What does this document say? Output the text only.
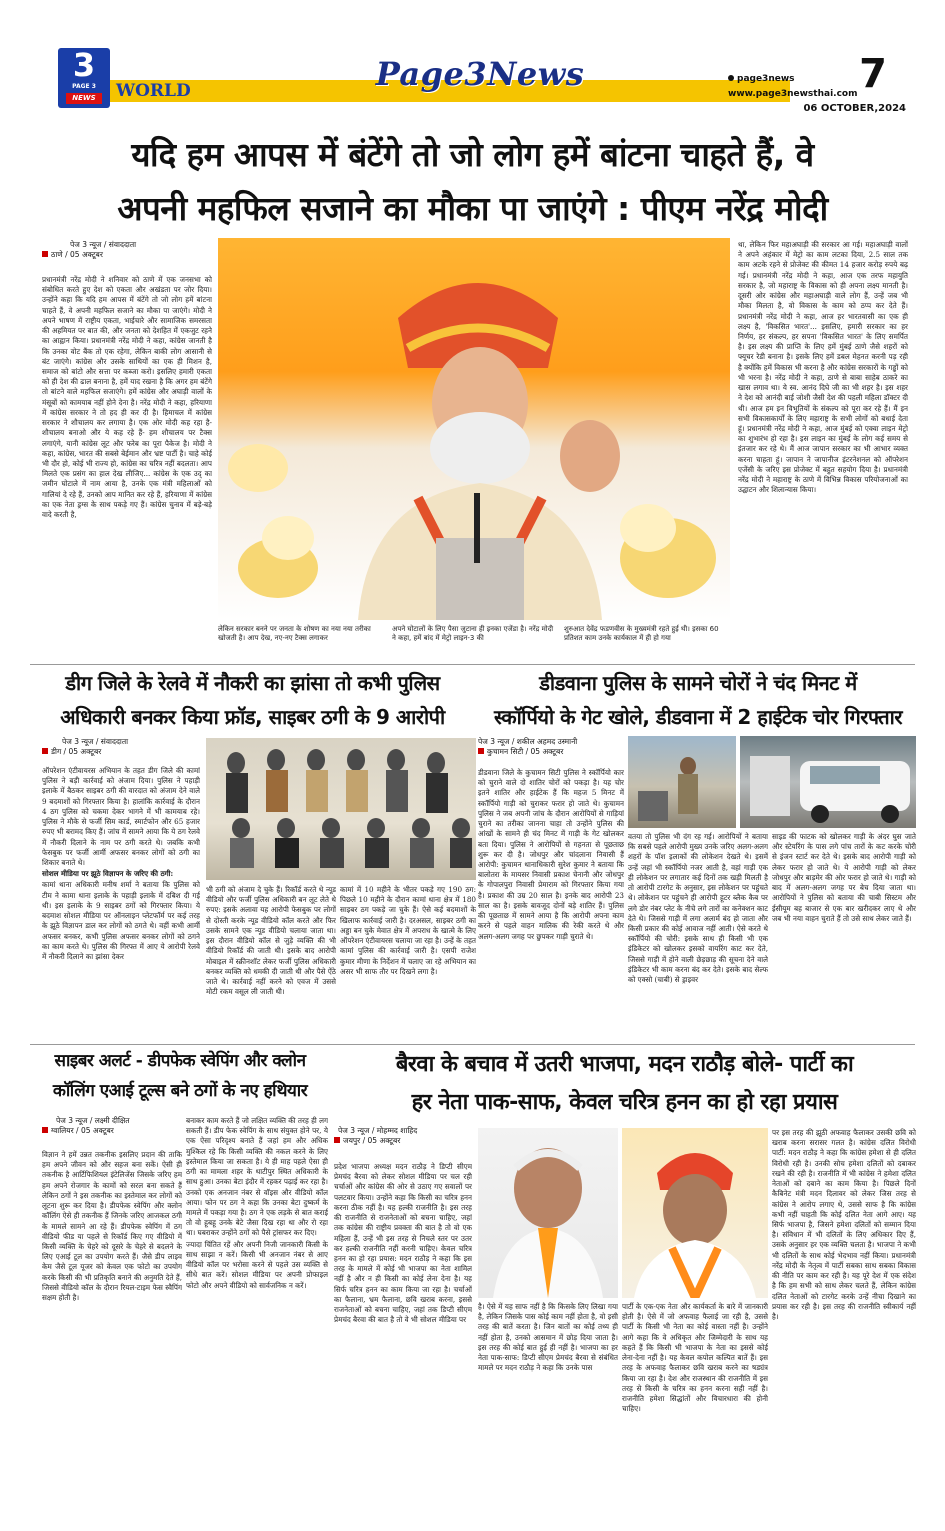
3
PAGE 3
NEWS	WORLD	Page3News	page3news
www.page3newsthai.com 7
06 OCTOBER,2024
यदि हम आपस में बंटेंगे तो जो लोग हमें बांटना चाहते हैं, वे
अपनी महफिल सजाने का मौका पा जाएंगे : पीएम नरेंद्र मोदी
पेज 3 न्यूज / संवाददाता
ठाणे / 05 अक्टूबर
प्रधानमंत्री नरेंद्र मोदी ने शनिवार को ठाणे में एक जनसभा को संबोधित करते हुए देश को एकता और अखंडता पर जोर दिया। उन्होंने कहा कि यदि हम आपस में बंटेंगे तो जो लोग हमें बांटना चाहते हैं, वे अपनी महफिल सजाने का मौका पा जाएंगे। मोदी ने अपने भाषण में राष्ट्रीय एकता, भाईचारे और सामाजिक समरसता की अहमियत पर बात की, और जनता को देशहित में एकजुट रहने का आह्वान किया। प्रधानमंत्री नरेंद्र मोदी ने कहा, कांग्रेस जानती है कि उनका वोट बैंक तो एक रहेगा, लेकिन बाकी लोग आसानी से बंट जाएंगे। कांग्रेस और उसके साथियों का एक ही मिशन है, समाज को बांटो और सत्ता पर कब्जा करो। इसलिए हमारी एकता को ही देश की ढाल बनाना है, हमें याद रखना है कि अगर हम बंटेंगे तो बांटने वाले महफिल सजाएंगे। हमें कांग्रेस और अघाड़ी वालों के मंसूबों को कामयाब नहीं होने देना है। नरेंद्र मोदी ने कहा, हरियाणा में कांग्रेस सरकार ने तो हद ही कर दी है। हिमाचल में कांग्रेस सरकार ने शौचालय कर लगाया है। एक ओर मोदी कह रहा है- शौचालय बनाओ और ये कह रहे हैं- हम शौचालय पर टैक्स लगाएंगे, यानी कांग्रेस लूट और फरेब का पूरा पैकेज है। मोदी ने कहा, कांग्रेस, भारत की सबसे बेईमान और भ्रष्ट पार्टी है। चाहे कोई भी दौर हो, कोई भी राज्य हो, कांग्रेस का चरित्र नहीं बदलता। आप मिलते एक प्रसंग का हाल देख लीजिए... कांग्रेस के एक उद्‌ का जमीन घोटाले में नाम आया है, उनके एक मंत्री महिलाओं को गालियां दे रहे हैं, उनको आप मानित कर रहे हैं, हरियाणा में कांग्रेस का एक नेता ड्रग्स के साथ पकड़े गए हैं। कांग्रेस चुनाव में बड़े-बड़े वादे करती है,
लेकिन सरकार बनने पर जनता के शोषण का नया नया तरीका खोजती है। आप देख, नए-नए टैक्स लगाकर
अपने घोटालों के लिए पैसा जुटाना ही इनका एजेंडा है। नरेंद्र मोदी ने कहा, हमें बांद में मेट्रो लाइन-3 की
शुरुआत देवेंद्र फडणवीस के मुख्यमंत्री रहते हुई थी। इसका 60 प्रतिशत काम उनके कार्यकाल में ही हो गया
था, लेकिन फिर महाअघाड़ी की सरकार आ गई। महाअघाड़ी वालों ने अपने अहंकार में मेट्रो का काम लटका दिया, 2.5 साल तक काम अटके रहने से प्रोजेक्ट की कीमत 14 हजार करोड़ रुपये बढ़ गई। प्रधानमंत्री नरेंद्र मोदी ने कहा, आज एक तरफ महायुति सरकार है, जो महाराष्ट्र के विकास को ही अपना लक्ष्य मानती है। दूसरी ओर कांग्रेस और महाअघाड़ी वाले लोग हैं, उन्हें जब भी मौका मिलता है, वो विकास के काम को ठप्प कर देते हैं। प्रधानमंत्री नरेंद्र मोदी ने कहा, आज हर भारतवासी का एक ही लक्ष्य है, 'विकसित भारत'... इसलिए, हमारी सरकार का हर निर्णय, हर संकल्प, हर सपना 'विकसित भारत' के लिए समर्पित है। इस लक्ष्य की प्राप्ति के लिए हमें मुंबई ठाणे जैसे शहरों को फ्यूचर रेडी बनाना है। इसके लिए हमें डबल मेहनत करनी पड़ रही है क्योंकि हमें विकास भी करना है और कांग्रेस सरकारों के गड्ढों को भी भरना है। नरेंद्र मोदी ने कहा, ठाणे से बाबा साहेब ठाकरे का खास लगाव था। ये स्व. आनंद दिघे जी का भी शहर है। इस शहर ने देश को आनंदी बाई जोशी जैसी देश की पहली महिला डॉक्टर दी थी। आज हम इन विभूतियों के संकल्प को पूरा कर रहे हैं। मैं इन सभी विकासकार्यों के लिए महाराष्ट्र के सभी लोगों को बधाई देता हूं। प्रधानमंत्री नरेंद्र मोदी ने कहा, आज मुंबई को एक्वा लाइन मेट्रो का शुभारंभ हो रहा है। इस लाइन का मुंबई के लोग कई समय से इंतजार कर रहे थे। मैं आज जापान सरकार का भी आभार व्यक्त करना चाहता हूं। जापान ने जापानीज इंटरनेशनल को ऑपरेशन एजेंसी के जरिए इस प्रोजेक्ट में बहुत सहयोग दिया है। प्रधानमंत्री नरेंद्र मोदी ने महाराष्ट्र के ठाणे में विभिन्न विकास परियोजनाओं का उद्घाटन और शिलान्यास किया।
डीग जिले के रेलवे में नौकरी का झांसा तो कभी पुलिस
अधिकारी बनकर किया फ्रॉड, साइबर ठगी के 9 आरोपी
पेज 3 न्यूज / संवाददाता
डीग / 05 अक्टूबर

ऑपरेशन एंटीवायरस अभियान के तहत डीग जिले की कामां पुलिस ने बड़ी कार्रवाई को अंजाम दिया। पुलिस ने पहाड़ी इलाके में बैठकर साइबर ठगी की वारदात को अंजाम देने वाले 9 बदमाशों को गिरफ्तार किया है। हालांकि कार्रवाई के दौरान 4 ठग पुलिस को चकमा देकर भागने में भी कामयाब रहे। पुलिस ने मौके से फर्जी सिम कार्ड, स्मार्टफोन और 65 हजार रुपए भी बरामद किए हैं। जांच में सामने आया कि ये ठग रेलवे में नौकरी दिलाने के नाम पर ठगी करते थे। जबकि कभी फेसबुक पर फर्जी आर्मी अफसर बनकर लोगों को ठगी का शिकार बनाते थे।

सोशल मीडिया पर झूठे विज्ञापन के जरिए की ठगी:

कामां थाना अधिकारी मनीष शर्मा ने बताया कि पुलिस को टीम ने कामा थाना इलाके के पहाड़ी इलाके में दबिश दी गई थी। इस इलाके के 9 साइबर ठगों को गिरफ्तार किया। ये बदमाश सोशल मीडिया पर ऑनलाइन प्लेटफॉर्म पर कई तरह के झूठे विज्ञापन डाल कर लोगों को ठगते थे। वहीं कभी आर्मी अफसर बनकर, कभी पुलिस अफसर बनकर लोगों को ठगने का काम करते थे। पुलिस की गिरफ्त में आए ये आरोपी रेलवे में नौकरी दिलाने का झांसा देकर

भी ठगी को अंजाम दे चुके हैं। रिकॉर्ड करते थे न्यूड वीडियो और फर्जी पुलिस अधिकारी बन लूट लेते थे रुपए: इसके अलावा यह आरोपी फेसबुक पर लोगों से दोस्ती करके न्यूड वीडियो कॉल करते और फिर उसके सामने एक न्यूड वीडियो चलाया जाता था। इस दौरान वीडियो कॉल से जुड़े व्यक्ति की भी वीडियो रिकॉर्ड की जाती थी। इसके बाद आरोपी मोबाइल में स्क्रीनशॉट लेकर फर्जी पुलिस अधिकारी बनकर व्यक्ति को धमकी दी जाती थी और पैसे ऐंठे जाते थे। कार्रवाई नहीं करने को एवज में उससे मोटी रकम वसूल ली जाती थी।
कामां में 10 महीने के भीतर पकड़े गए 190 ठग: पिछले 10 महीने के दौरान कामां थाना क्षेत्र में 180 साइबर ठग पकड़े जा चुके हैं। ऐसे कई बदमाशों के खिलाफ कार्रवाई जारी है। दरअसल, साइबर ठगी का अड्डा बन चुके मेवात क्षेत्र में अपराध के खात्मे के लिए ऑपरेशन एंटीवायरस चलाया जा रहा है। उन्हें के तहत कामां पुलिस की कार्रवाई जारी है। एसपी राजेश कुमार मीणा के निर्देशन में चलाए जा रहे अभियान का असर भी साफ तौर पर दिखने लगा है।
डीडवाना पुलिस के सामने चोरों ने चंद मिनट में
स्कॉर्पियो के गेट खोले, डीडवाना में 2 हाईटेक चोर गिरफ्तार
पेज 3 न्यूज / शकील अहमद उस्मानी
कुचामन सिटी / 05 अक्टूबर
डीडवाना जिले के कुचामन सिटी पुलिस ने स्कॉर्पियो कार को चुराने वाले दो शातिर चोरों को पकड़ा है। यह चोर इतने शातिर और हाईटेक हैं कि महज 5 मिनट में स्कॉर्पियो गाड़ी को चुराकर फरार हो जाते थे। कुचामन पुलिस ने जब अपनी जांच के दौरान आरोपियों से गाड़ियां चुराने का तरीका जानना चाहा तो उन्होंने पुलिस की आंखों के सामने ही चंद मिनट में गाड़ी के गेट खोलकर बता दिया। पुलिस ने आरोपियों से गहनता से पूछताछ शुरू कर दी है। जोधपुर और चांदलाना निवासी हैं आरोपी: कुचामन थानाधिकारी सुरेश कुमार ने बताया कि बालोतरा के मायसर निवासी प्रकाश चेनानी और जोधपुर के गोपालपुरा निवासी प्रेमाराम को गिरफ्तार किया गया है। प्रकाश की उम्र 20 साल है। इनके बाद आरोपी 23 साल का है। इसके बावजूद दोनों बड़े शातिर हैं। पुलिस की पूछताछ में सामने आया है कि आरोपी अपना काम करने से पहले वाहन मालिक की रेकी करते थे और अलग-अलग जगह पर छुपकर गाड़ी चुराते थे।
वतया तो पुलिस भी दंग रह गई। आरोपियों ने बताया कि सबसे पहले आरोपी मुख्य उनके जरिए अलग-अलग शहरों के पॉश इलाकों की लोकेशन देखते थे। इसमें उन्हें जहां भी स्कॉर्पियो नजर आती है, वहां गाड़ी एक ही लोकेशन पर लगातार कई दिनों तक खड़ी मिलती है तो आरोपी टारगेट के अनुसार, इस लोकेशन पर पहुंचते थे। लोकेशन पर पहुंचने ही आरोपी हूटर ब्लैक कैब पर लगे डोर नंबर प्लेट के नीचे लगे तारों का कनेक्शन काट देते थे। जिससे गाड़ी में लगा अलार्म बंद हो जाता और किसी प्रकार की कोई आवाज नहीं आती। ऐसे करते थे स्कॉर्पियो की चोरी: इसके साथ ही किसी भी एक इंडिकेटर को खोलकर इसको वायरिंग काट कर देते, जिससे गाड़ी में होने वाली छेड़छाड़ की सूचना देने वाले इंडिकेटर भी काम करना बंद कर देते। इसके बाद सेल्फ को एक्सो (चाबी) से ड्राइवर
साइड की फाटक को खोलकर गाड़ी के अंदर घुस जाते और स्टेयरिंग के पास लगे पांच तारों के कट करके चोरी से इंजन स्टार्ट कर देते थे। इसके बाद आरोपी गाड़ी को लेकर फरार हो जाते थे। ये आरोपी गाड़ी को लेकर जोधपुर और बाड़मेर की ओर फरार हो जाते थे। गाड़ी को बाद में अलग-अलग जगह पर बेच दिया जाता था। आरोपियों ने पुलिस को बताया की चाबी सिस्टम और ईसीयूम बह बाजार से एक बार खरीदकर लाए थे और जब भी नया वाहन चुराते हैं तो उसे साथ लेकर जाते हैं।
साइबर अलर्ट - डीपफेक स्वेपिंग और क्लोन
कॉलिंग एआई टूल्स बने ठगों के नए हथियार
पेज 3 न्यूज / लक्ष्मी दीक्षित
ग्वालियर / 05 अक्टूबर
विज्ञान ने हमें उन्नत तकनीक इसलिए प्रदान की ताकि हम अपने जीवन को और सहज बना सकें। ऐसी ही तकनीक है आर्टिफिशियल इंटेलिजेंस जिसके जरिए हम हम अपने रोजगार के कामों को सरल बना सकते हैं लेकिन ठगों ने इस तकनीक का इस्तेमाल कर लोगों को लूटना शुरू कर दिया है। डीपफेक स्वेपिंग और क्लोन कॉलिंग ऐसे ही तकनीक हैं जिनके जरिए आजकल ठगी के मामले सामने आ रहे हैं। डीपफेक स्वेपिंग में ठग वीडियो फीड या पहले से रिकॉर्ड किए गए वीडियो में किसी व्यक्ति के चेहरे को दूसरे के चेहरे से बदलने के लिए एआई टूल का उपयोग करते हैं। जैसे डीप लाइव केम जैसे टूल यूजर को केवल एक फोटो का उपयोग करके किसी की भी प्रतिकृति बनाने की अनुमति देते हैं, जिससे वीडियो कॉल के दौरान रियल-टाइम फेस स्वैपिंग सक्षम होती है।

बनाकर काम करते हैं जो लक्षित व्यक्ति की तरह ही लग सकती हैं। डीप फेक स्वेपिंग के साथ संयुक्त होने पर, ये एक ऐसा परिदृश्य बनाते हैं जहां हम और अधिक मुश्किल रहे कि किसी व्यक्ति की नकल करने के लिए इस्तेमाल किया जा सकता है। ये ही माह पहले ऐसा ही ठगी का मामला शहर के थाटीपुर स्थित अधिकारी के साथ हुआ। उनका बेटा इंदौर में रहकर पढ़ाई कर रहा है। उनको एक अनजान नंबर से वॉइस और वीडियो कॉल आया। फोन पर ठग ने कहा कि उनका बेटा दुष्कर्म के मामले में पकड़ा गया है। ठग ने एक लड़के से बात कराई तो वो हूबहू उनके बेटे जैसा दिख रहा था और रो रहा था। घबराकर उन्होंने ठगों को पैसे ट्रांसफर कर दिए।

ज्यादा चिंतित रहें और अपनी निजी जानकारी किसी के साथ साझा न करें। किसी भी अनजान नंबर से आए वीडियो कॉल पर भरोसा करने से पहले उस व्यक्ति से सीधे बात करें। सोशल मीडिया पर अपनी प्रोफाइल फोटो और अपने वीडियो को सार्वजनिक न करें।

बैरवा के बचाव में उतरी भाजपा, मदन राठौड़ बोले- पार्टी का
हर नेता पाक-साफ, केवल चरित्र हनन का हो रहा प्रयास
पेज 3 न्यूज / मोहम्मद शाहिद
जयपुर / 05 अक्टूबर
प्रदेश भाजपा अध्यक्ष मदन राठौड़ ने डिप्टी सीएम प्रेमचंद बैरवा को लेकर सोशल मीडिया पर चल रही चर्चाओं और कांग्रेस की ओर से उठाए गए सवालों पर पलटवार किया। उन्होंने कहा कि किसी का चरित्र हनन करना ठीक नहीं है। यह हल्की राजनीति है। इस तरह की राजनीति से राजनेताओं को बचना चाहिए, जहां तक कांग्रेस की राष्ट्रीय प्रवक्ता की बात है तो वो एक महिला हैं, उन्हें भी इस तरह से निचले स्तर पर उतर कर हल्की राजनीति नहीं करनी चाहिए। केवल चरित्र हनन का हो रहा प्रयास: मदन राठौड़ ने कहा कि इस तरह के मामले में कोई भी भाजपा का नेता शामिल नहीं है और न ही किसी का कोई लेना देना है। यह सिर्फ चरित्र हनन का काम किया जा रहा है। चर्चाओं का फैलाना, भ्रम फैलाना, छवि खराब करना, इससे राजनेताओं को बचना चाहिए, जहां तक डिप्टी सीएम प्रेमचंद बैरवा की बात है तो वे भी सोशल मीडिया पर
है। ऐसे में यह साफ नहीं है कि किसके लिए लिखा गया है, लेकिन जिसके पास कोई काम नहीं होता है, वो इसी तरह की बातें करता है। जिन बातों का कोई तथ्य ही नहीं होता है, उनको आसमान में छोड़ दिया जाता है। इस तरह की कोई बात हुई ही नहीं है। भाजपा का हर नेता पाक-साफ: डिप्टी सीएम प्रेमचंद बैरवा से संबंधित मामले पर मदन राठौड़ ने कहा कि उनके पास
पार्टी के एक-एक नेता और कार्यकर्ता के बारे में जानकारी होती है। ऐसे में जो अफवाह फैलाई जा रही है, उससे पार्टी के किसी भी नेता का कोई वास्ता नहीं है। उन्होंने आगे कहा कि वे अधिकृत और जिम्मेदारी के साथ यह कहते हैं कि किसी भी भाजपा के नेता का इससे कोई लेना-देना नहीं है। यह केवल कपोल कल्पित बातें हैं। इस तरह के अफवाह फैलाकर छवि खराब करने का षड्यंत्र किया जा रहा है। देश और राजस्थान की राजनीति में इस तरह से किसी के चरित्र का हनन करना सही नहीं है। राजनीति हमेशा सिद्धांतों और विचारधारा की होनी चाहिए।
पर इस तरह की झूठी अफवाह फैलाकर उसकी छवि को खराब करना सरासर गलत है। कांग्रेस दलित विरोधी पार्टी: मदन राठौड़ ने कहा कि कांग्रेस हमेशा से ही दलित विरोधी रही है। उनकी सोच हमेशा दलितों को दबाकर रखने की रही है। राजनीति में भी कांग्रेस ने हमेशा दलित नेताओं को दबाने का काम किया है। पिछले दिनों कैबिनेट मंत्री मदन दिलावर को लेकर जिस तरह से कांग्रेस ने आरोप लगाए थे, उससे साफ है कि कांग्रेस कभी नहीं चाहती कि कोई दलित नेता आगे आए। यह सिर्फ भाजपा है, जिसने हमेशा दलितों को सम्मान दिया है। संविधान में भी दलितों के लिए अधिकार दिए हैं, उसके अनुसार हर एक व्यक्ति चलता है। भाजपा ने कभी भी दलितों के साथ कोई भेदभाव नहीं किया। प्रधानमंत्री नरेंद्र मोदी के नेतृत्व में पार्टी सबका साथ सबका विकास की नीति पर काम कर रही है। यह पूरे देश में एक संदेश है कि हम सभी को साथ लेकर चलते हैं, लेकिन कांग्रेस दलित नेताओं को टारगेट करके उन्हें नीचा दिखाने का प्रयास कर रही है। इस तरह की राजनीति स्वीकार्य नहीं है।
